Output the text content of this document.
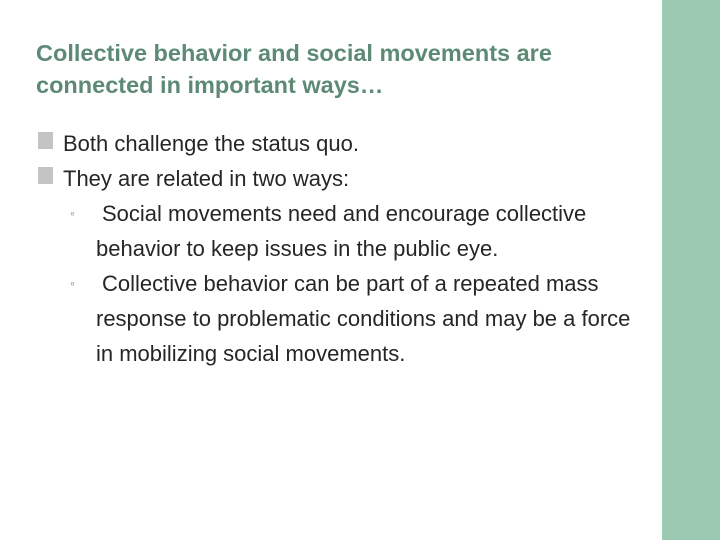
Collective behavior and social movements are connected in important ways…
Both challenge the status quo.
They are related in two ways:
◦ Social movements need and encourage collective behavior to keep issues in the public eye.
◦ Collective behavior can be part of a repeated mass response to problematic conditions and may be a force in mobilizing social movements.
